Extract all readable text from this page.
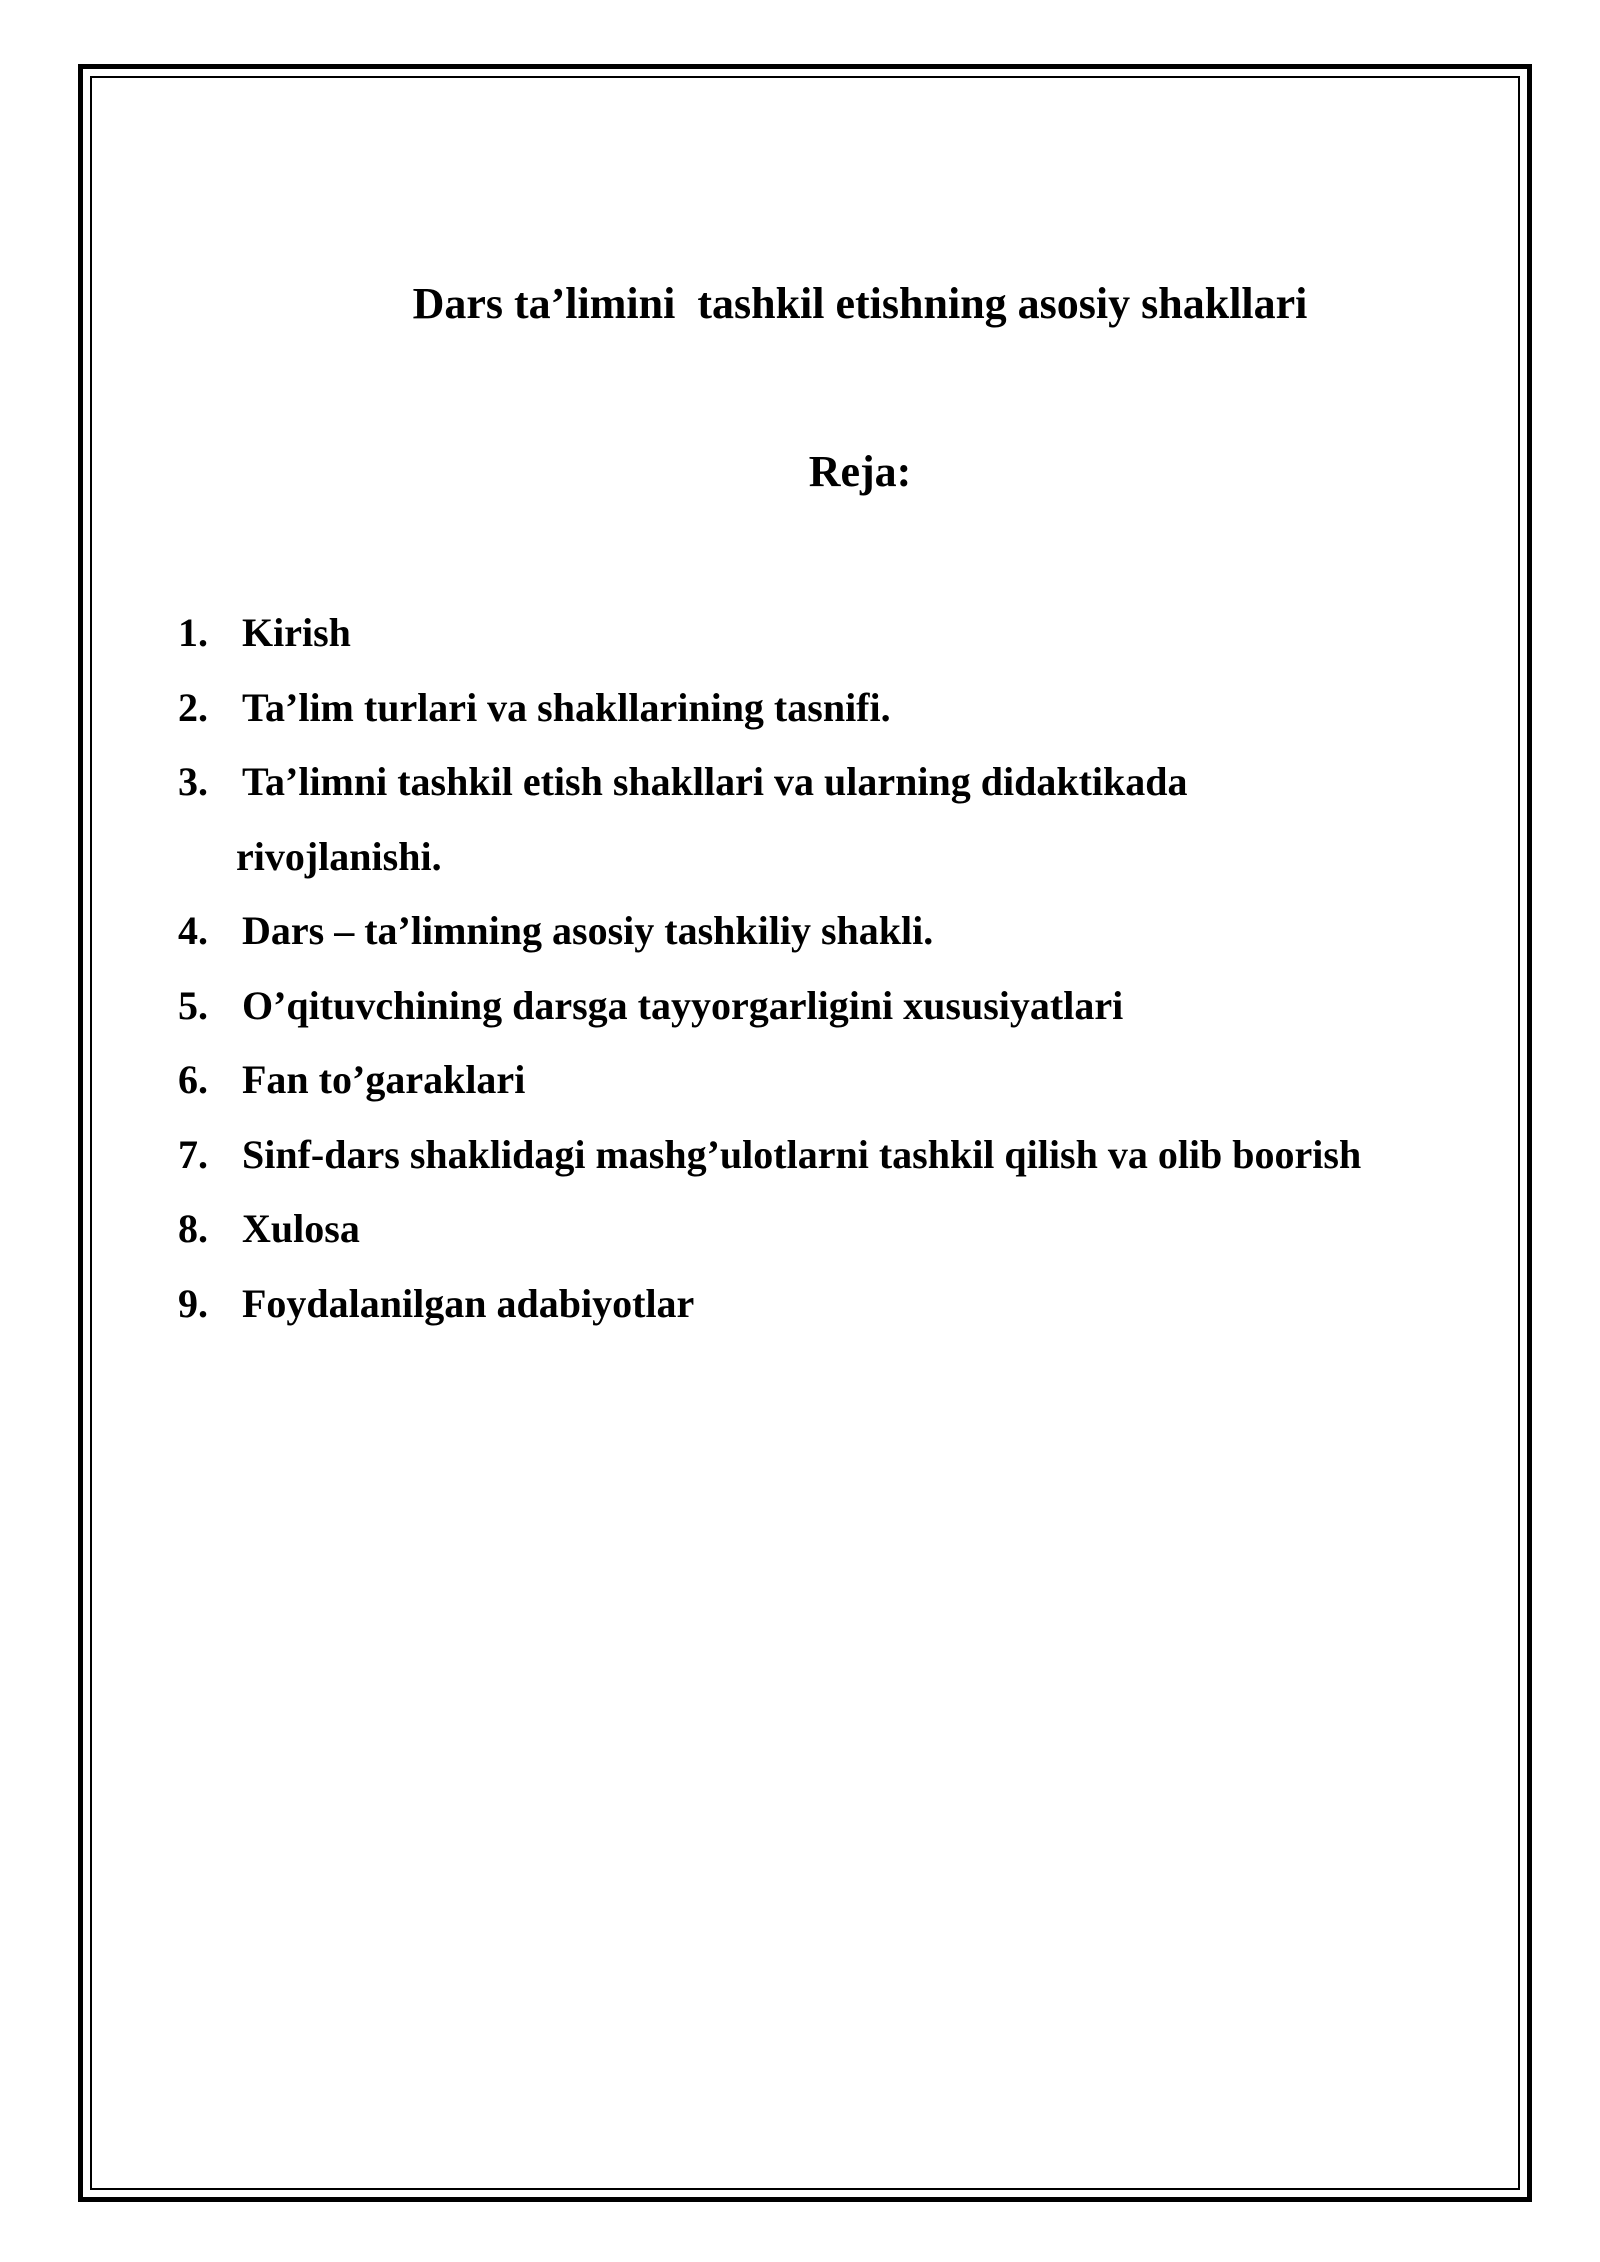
Dars ta’limini  tashkil etishning asosiy shakllari
Reja:
1. Kirish
2. Ta’lim turlari va shakllarining tasnifi.
3. Ta’limni tashkil etish shakllari va ularning didaktikada
rivojlanishi.
4. Dars – ta’limning asosiy tashkiliy shakli.
5. O’qituvchining darsga tayyorgarligini xususiyatlari
6. Fan to’garaklari
7. Sinf-dars shaklidagi mashg’ulotlarni tashkil qilish va olib boorish
8. Xulosa
9. Foydalanilgan adabiyotlar
